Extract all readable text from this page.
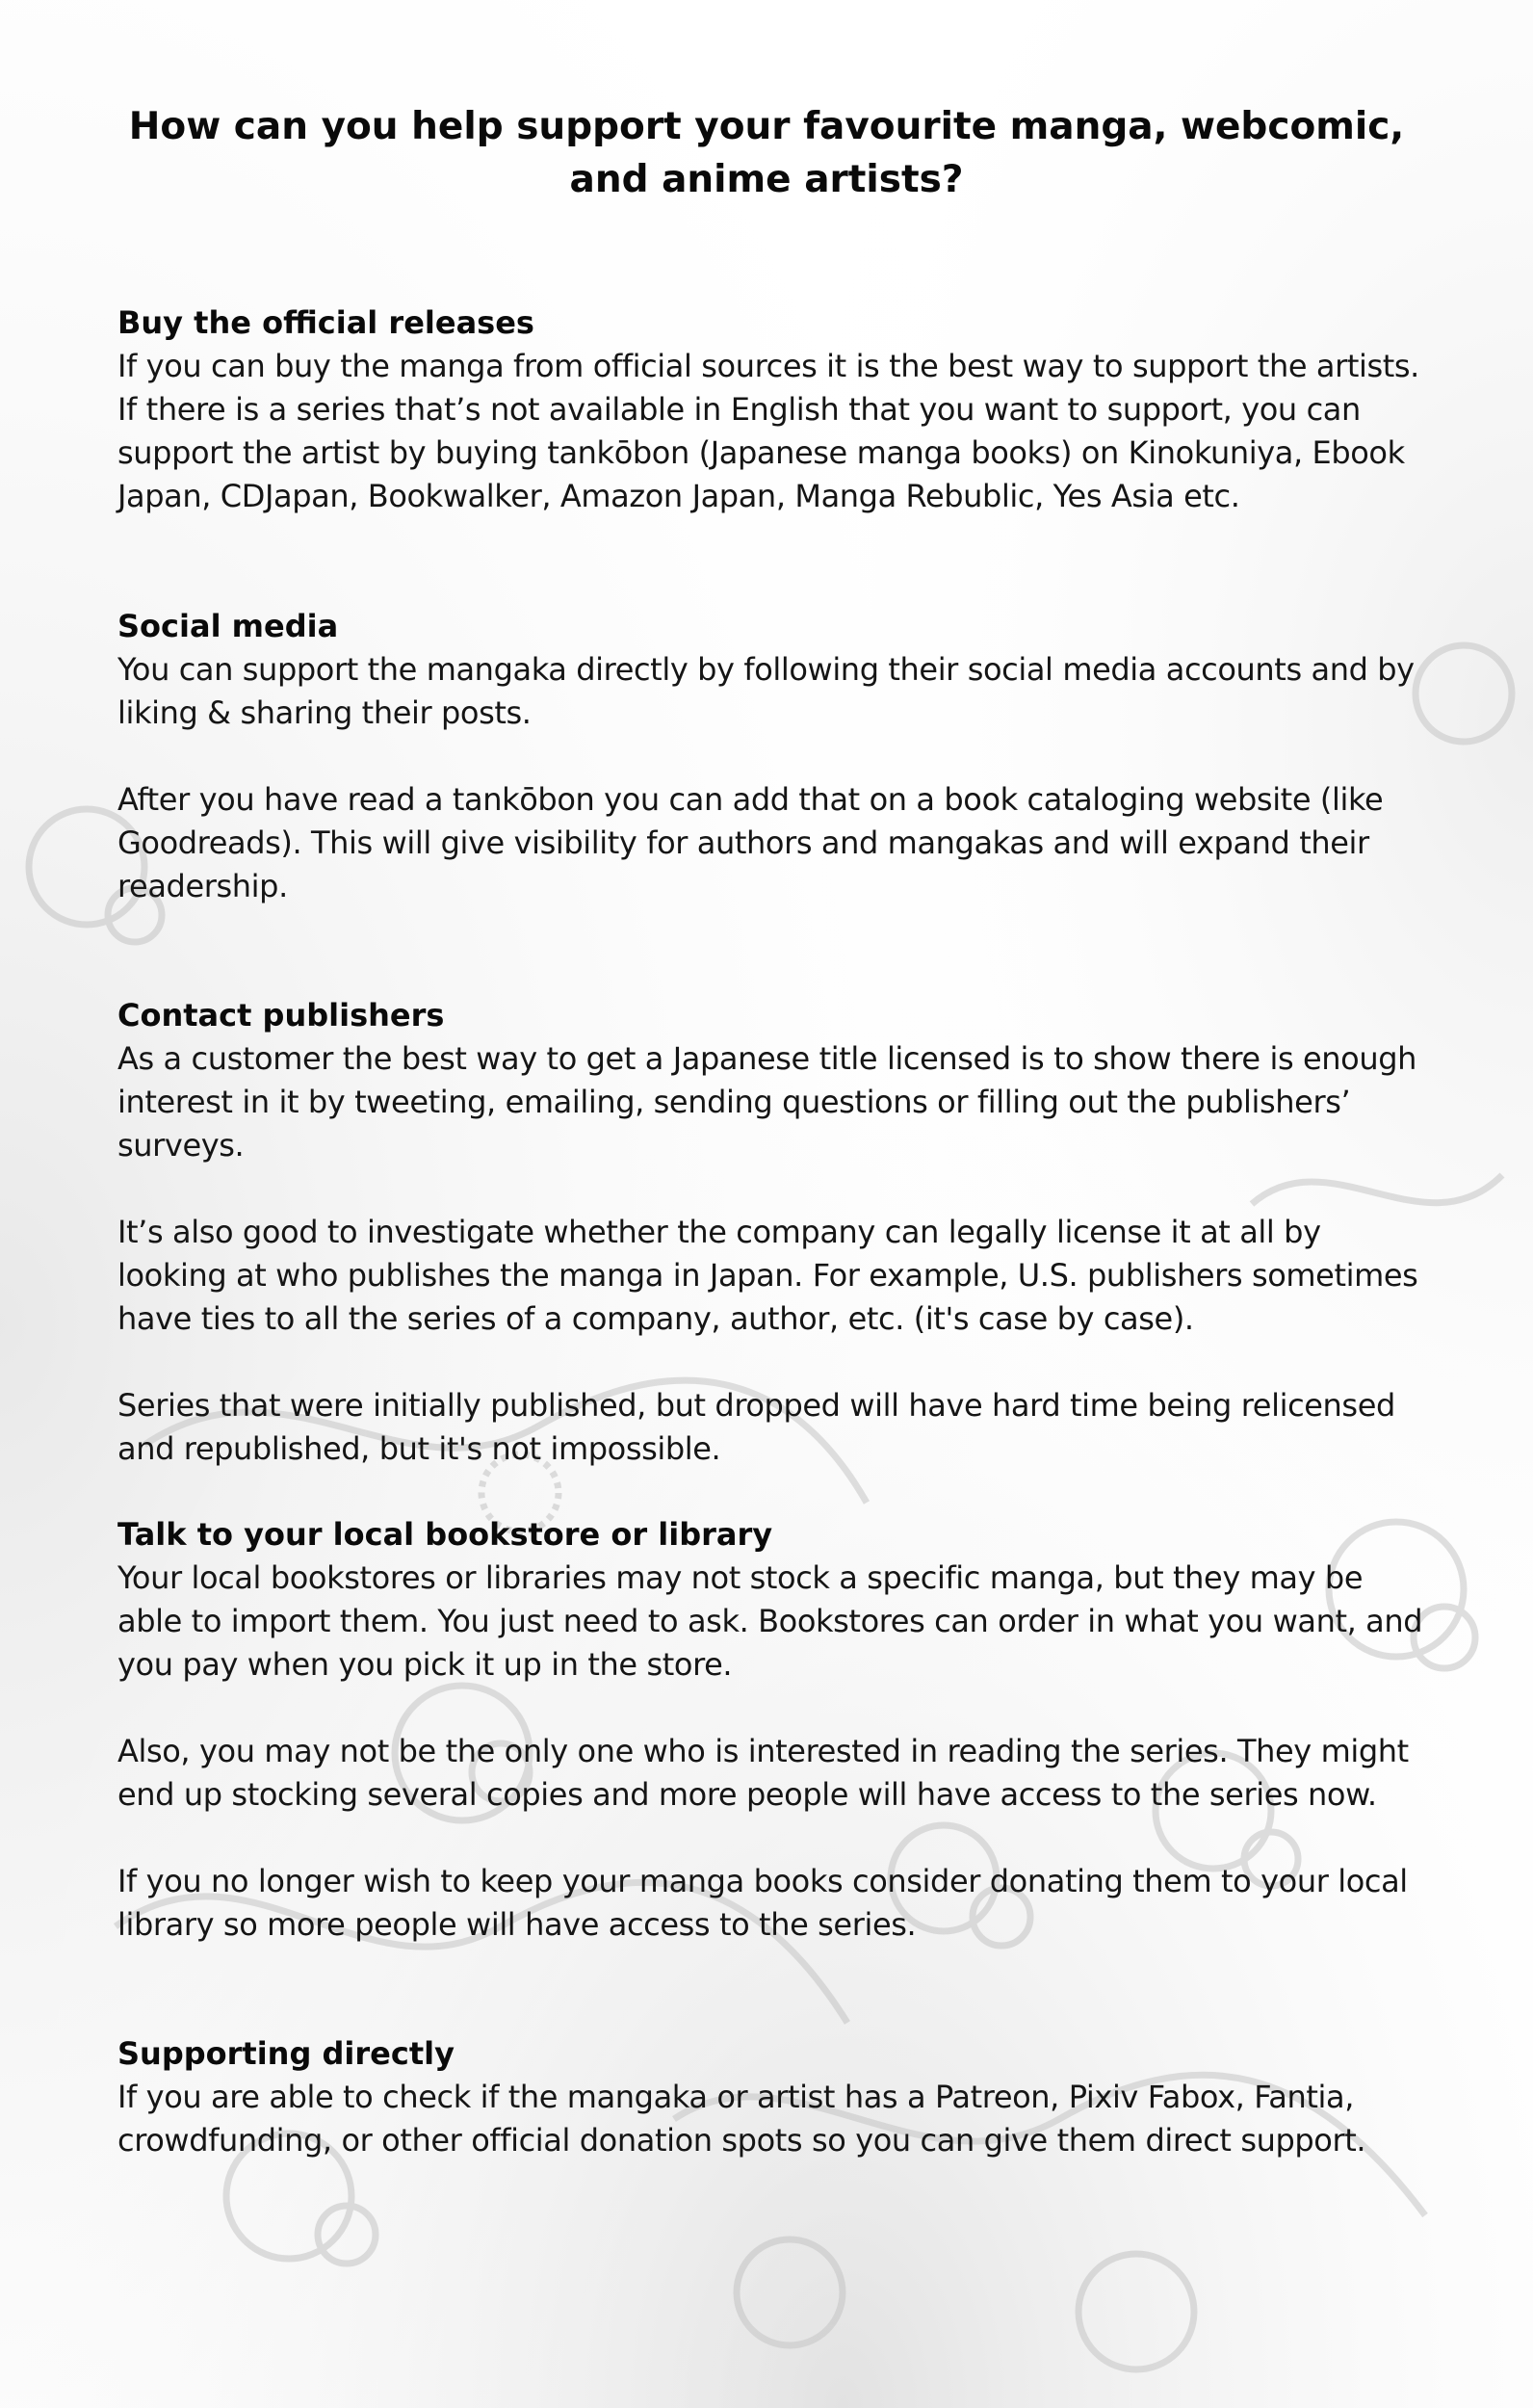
How can you help support your favourite manga, webcomic, and anime artists?
Buy the official releases

If you can buy the manga from official sources it is the best way to support the artists. If there is a series that’s not available in English that you want to support, you can support the artist by buying tankōbon (Japanese manga books) on Kinokuniya, Ebook Japan, CDJapan, Bookwalker, Amazon Japan, Manga Rebublic, Yes Asia etc.

Social media

You can support the mangaka directly by following their social media accounts and by liking & sharing their posts.

After you have read a tankōbon you can add that on a book cataloging website (like Goodreads). This will give visibility for authors and mangakas and will expand their readership.

Contact publishers

As a customer the best way to get a Japanese title licensed is to show there is enough interest in it by tweeting, emailing, sending questions or filling out the publishers’ surveys.

It’s also good to investigate whether the company can legally license it at all by looking at who publishes the manga in Japan. For example, U.S. publishers sometimes have ties to all the series of a company, author, etc. (it's case by case).

Series that were initially published, but dropped will have hard time being relicensed and republished, but it's not impossible.

Talk to your local bookstore or library

Your local bookstores or libraries may not stock a specific manga, but they may be able to import them. You just need to ask. Bookstores can order in what you want, and you pay when you pick it up in the store.

Also, you may not be the only one who is interested in reading the series. They might end up stocking several copies and more people will have access to the series now.

If you no longer wish to keep your manga books consider donating them to your local library so more people will have access to the series.

Supporting directly

If you are able to check if the mangaka or artist has a Patreon, Pixiv Fabox, Fantia, crowdfunding, or other official donation spots so you can give them direct support.
